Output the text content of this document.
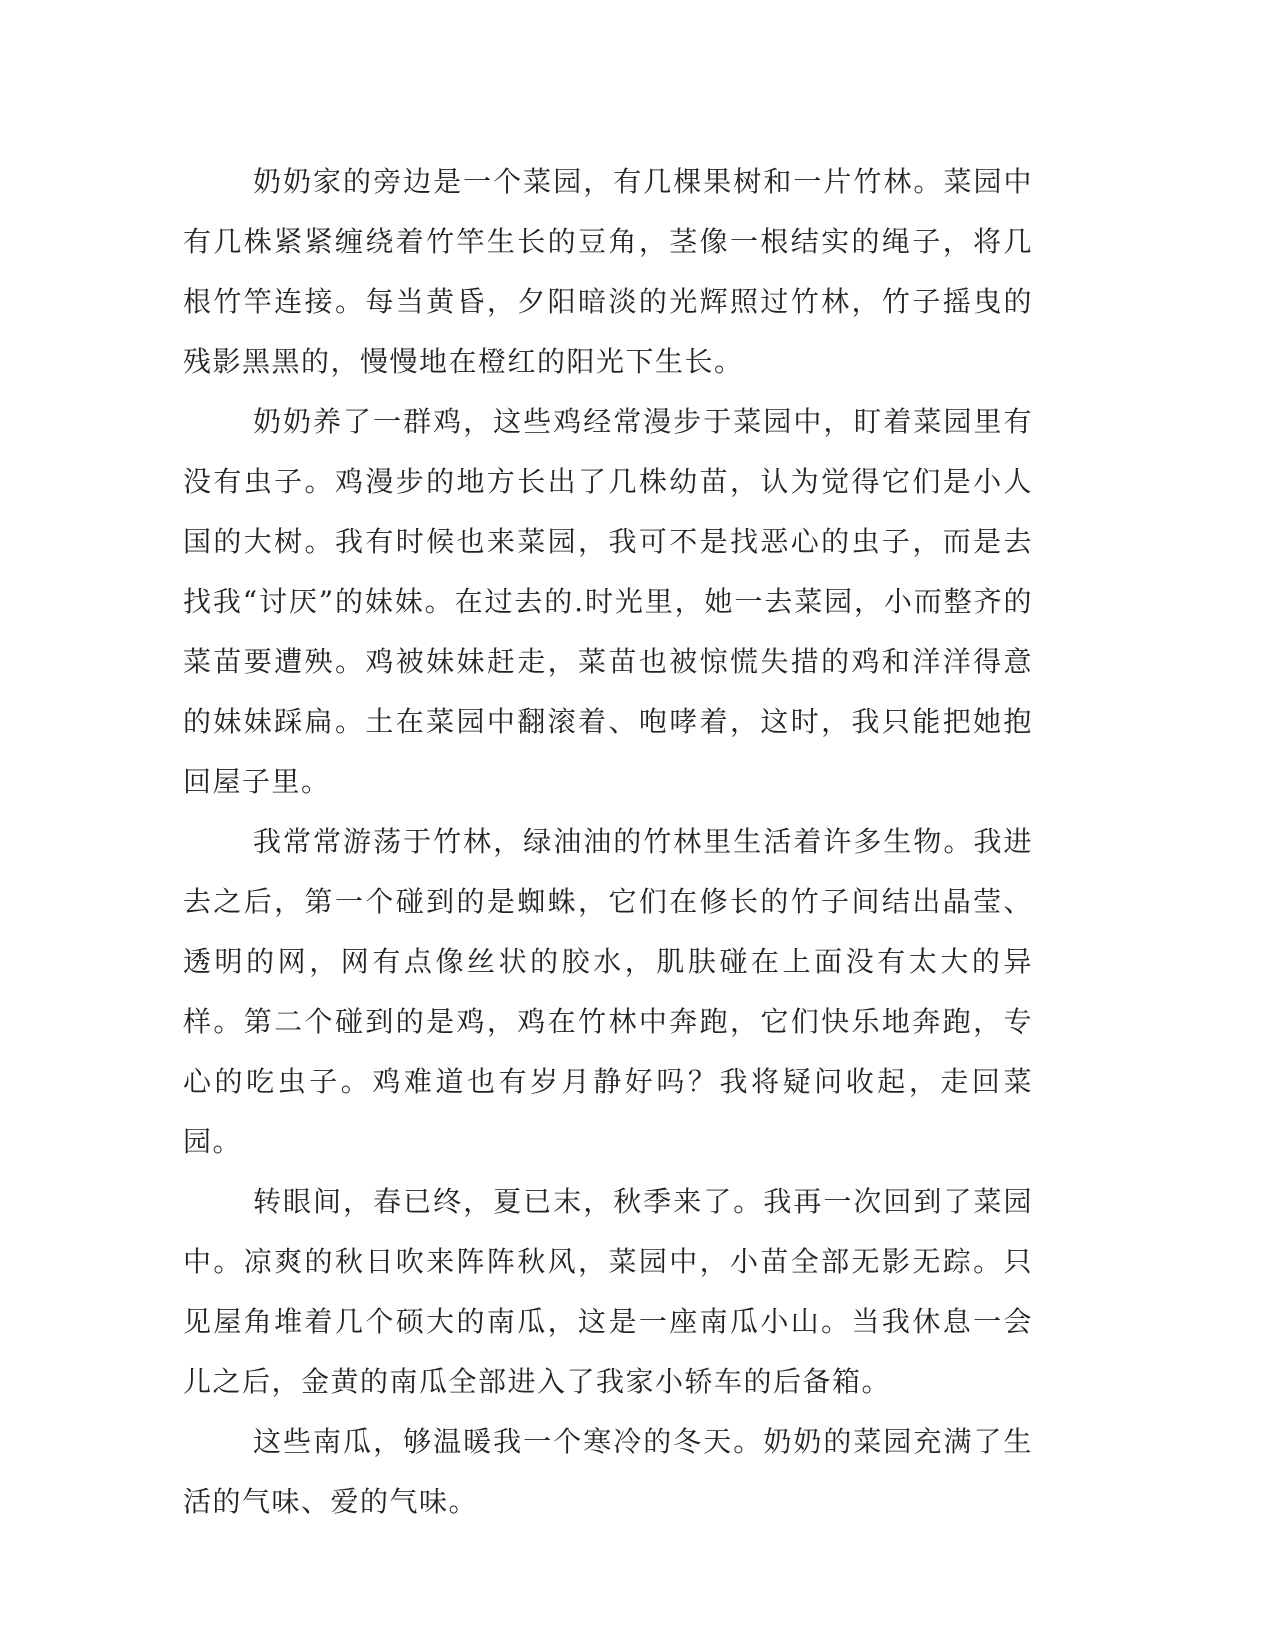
奶奶家的旁边是一个菜园，有几棵果树和一片竹林。菜园中有几株紧紧缠绕着竹竿生长的豆角，茎像一根结实的绳子，将几根竹竿连接。每当黄昏，夕阳暗淡的光辉照过竹林，竹子摇曳的残影黑黑的，慢慢地在橙红的阳光下生长。

奶奶养了一群鸡，这些鸡经常漫步于菜园中，盯着菜园里有没有虫子。鸡漫步的地方长出了几株幼苗，认为觉得它们是小人国的大树。我有时候也来菜园，我可不是找恶心的虫子，而是去找我“讨厌”的妹妹。在过去的.时光里，她一去菜园，小而整齐的菜苗要遭殃。鸡被妹妹赶走，菜苗也被惊慌失措的鸡和洋洋得意的妹妹踩扁。土在菜园中翻滚着、咆哮着，这时，我只能把她抱回屋子里。

我常常游荡于竹林，绿油油的竹林里生活着许多生物。我进去之后，第一个碰到的是蜘蛛，它们在修长的竹子间结出晶莹、透明的网，网有点像丝状的胶水，肌肤碰在上面没有太大的异样。第二个碰到的是鸡，鸡在竹林中奔跑，它们快乐地奔跑，专心的吃虫子。鸡难道也有岁月静好吗？我将疑问收起，走回菜园。

转眼间，春已终，夏已末，秋季来了。我再一次回到了菜园中。凉爽的秋日吹来阵阵秋风，菜园中，小苗全部无影无踪。只见屋角堆着几个硕大的南瓜，这是一座南瓜小山。当我休息一会儿之后，金黄的南瓜全部进入了我家小轿车的后备箱。

这些南瓜，够温暖我一个寒冷的冬天。奶奶的菜园充满了生活的气味、爱的气味。
